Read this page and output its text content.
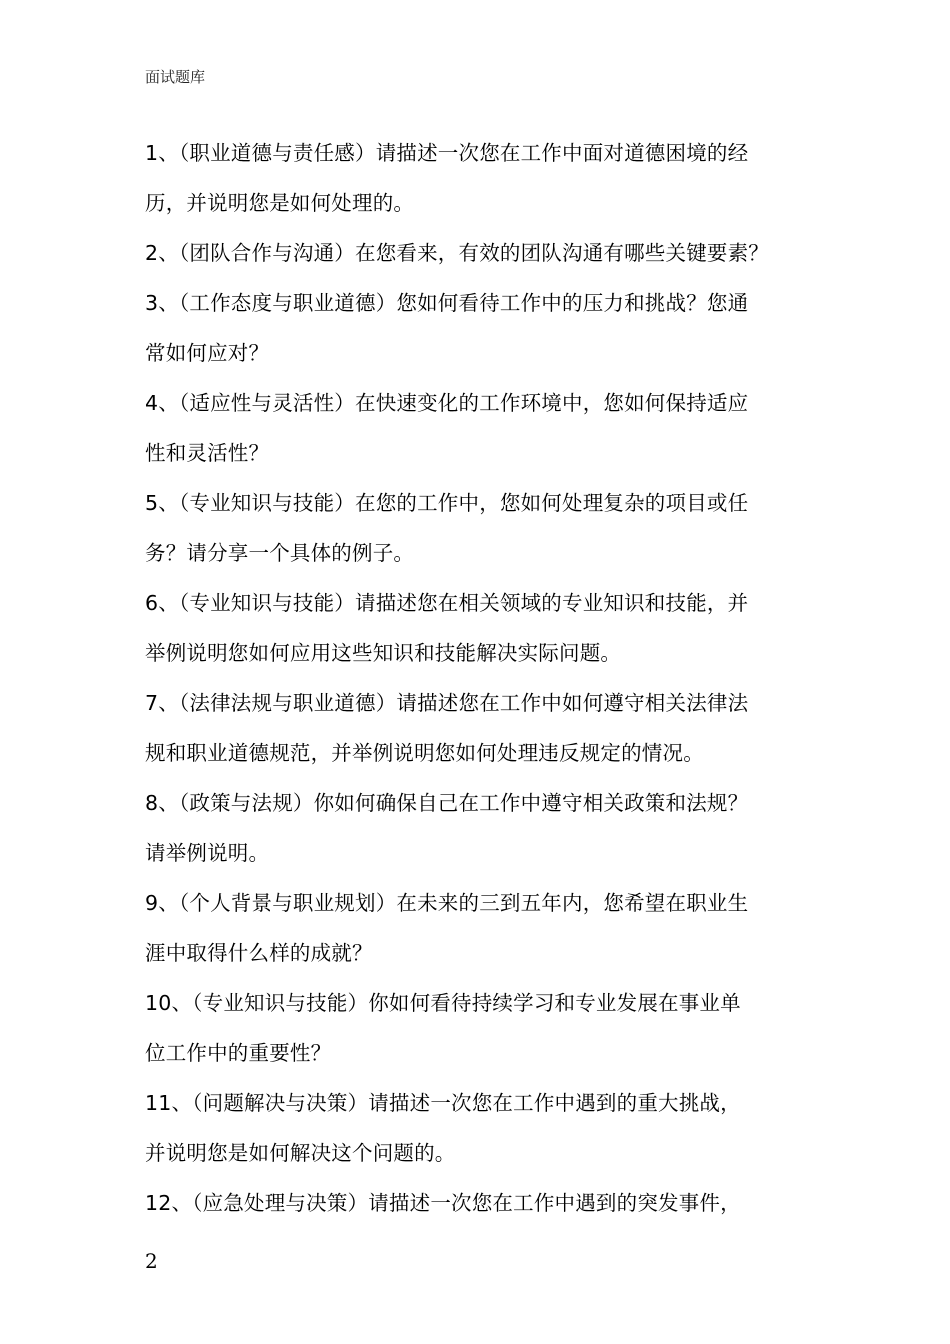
面试题库
1、（职业道德与责任感）请描述一次您在工作中面对道德困境的经
历，并说明您是如何处理的。
2、（团队合作与沟通）在您看来，有效的团队沟通有哪些关键要素？
3、（工作态度与职业道德）您如何看待工作中的压力和挑战？您通
常如何应对？
4、（适应性与灵活性）在快速变化的工作环境中，您如何保持适应
性和灵活性？
5、（专业知识与技能）在您的工作中，您如何处理复杂的项目或任
务？请分享一个具体的例子。
6、（专业知识与技能）请描述您在相关领域的专业知识和技能，并
举例说明您如何应用这些知识和技能解决实际问题。
7、（法律法规与职业道德）请描述您在工作中如何遵守相关法律法
规和职业道德规范，并举例说明您如何处理违反规定的情况。
8、（政策与法规）你如何确保自己在工作中遵守相关政策和法规？
请举例说明。
9、（个人背景与职业规划）在未来的三到五年内，您希望在职业生
涯中取得什么样的成就？
10、（专业知识与技能）你如何看待持续学习和专业发展在事业单
位工作中的重要性？
11、（问题解决与决策）请描述一次您在工作中遇到的重大挑战，
并说明您是如何解决这个问题的。
12、（应急处理与决策）请描述一次您在工作中遇到的突发事件，
2
